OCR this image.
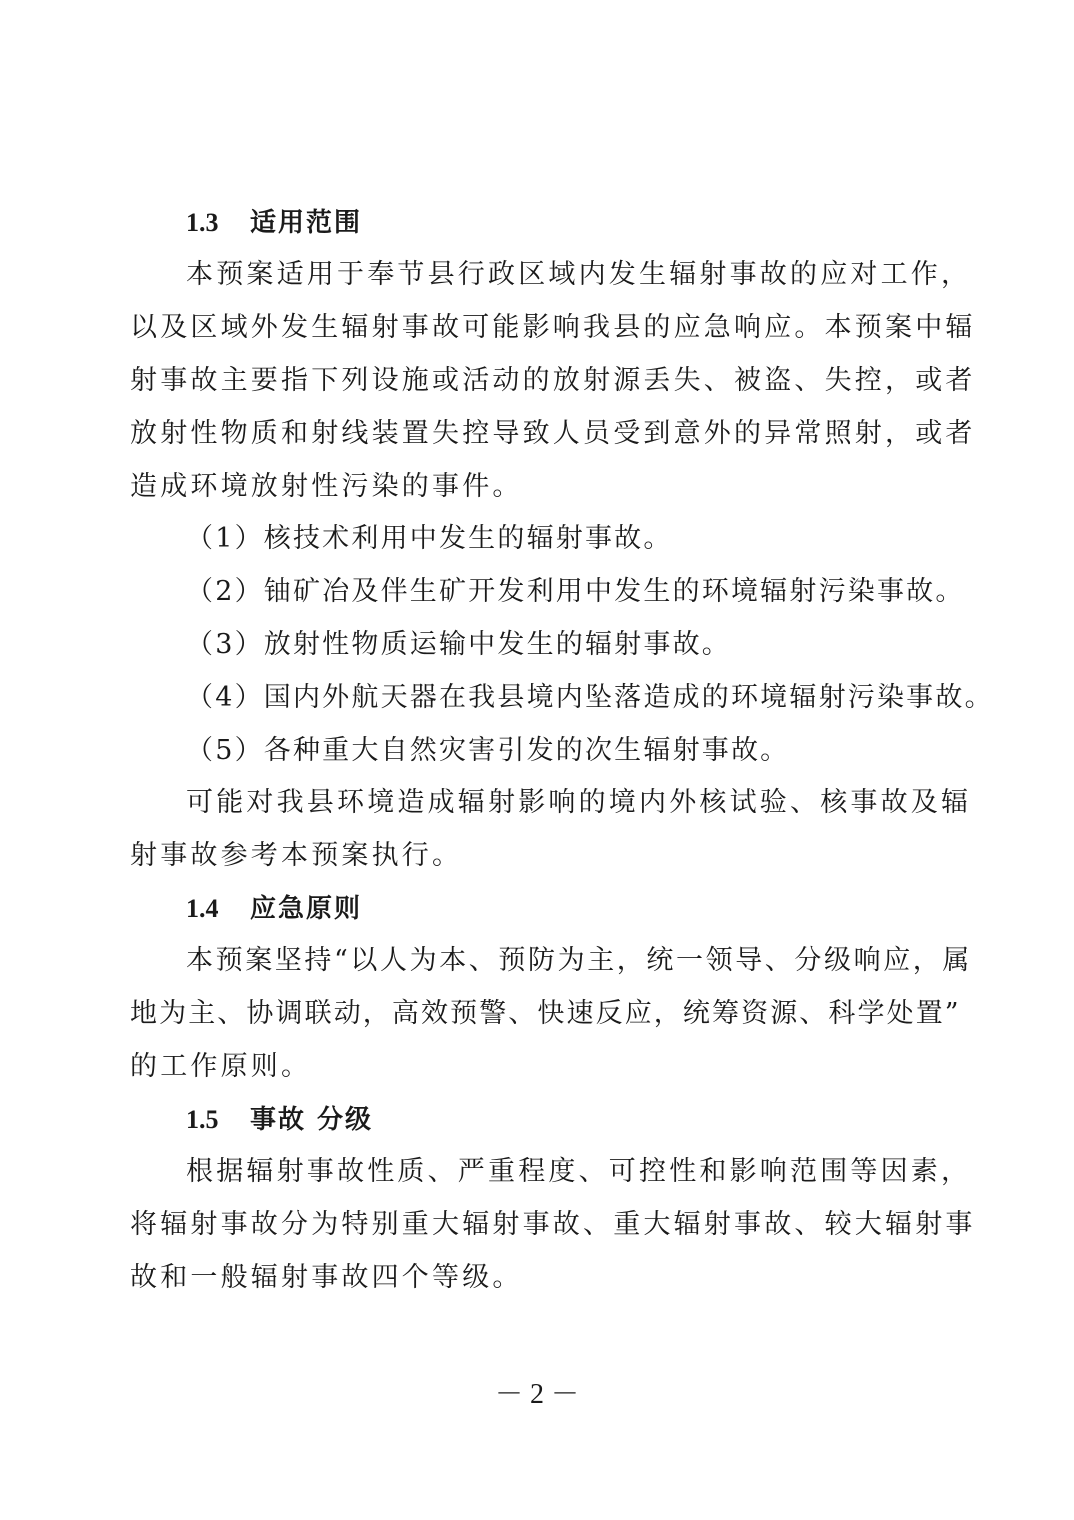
1.3 适用范围
本预案适用于奉节县行政区域内发生辐射事故的应对工作，
以及区域外发生辐射事故可能影响我县的应急响应。本预案中辐
射事故主要指下列设施或活动的放射源丢失、被盗、失控，或者
放射性物质和射线装置失控导致人员受到意外的异常照射，或者
造成环境放射性污染的事件。
（1）核技术利用中发生的辐射事故。
（2）铀矿冶及伴生矿开发利用中发生的环境辐射污染事故。
（3）放射性物质运输中发生的辐射事故。
（4）国内外航天器在我县境内坠落造成的环境辐射污染事故。
（5）各种重大自然灾害引发的次生辐射事故。
可能对我县环境造成辐射影响的境内外核试验、核事故及辐
射事故参考本预案执行。
1.4 应急原则
本预案坚持“以人为本、预防为主，统一领导、分级响应，属
地为主、协调联动，高效预警、快速反应，统筹资源、科学处置”
的工作原则。
1.5 事故 分级
根据辐射事故性质、严重程度、可控性和影响范围等因素，
将辐射事故分为特别重大辐射事故、重大辐射事故、较大辐射事
故和一般辐射事故四个等级。
－ 2 －
